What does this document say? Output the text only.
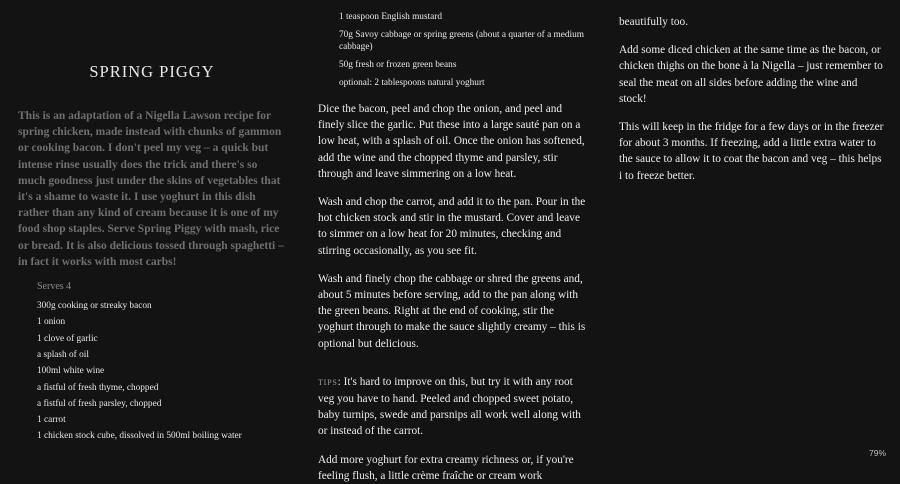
SPRING PIGGY
This is an adaptation of a Nigella Lawson recipe for spring chicken, made instead with chunks of gammon or cooking bacon. I don't peel my veg – a quick but intense rinse usually does the trick and there's so much goodness just under the skins of vegetables that it's a shame to waste it. I use yoghurt in this dish rather than any kind of cream because it is one of my food shop staples. Serve Spring Piggy with mash, rice or bread. It is also delicious tossed through spaghetti – in fact it works with most carbs!
Serves 4
300g cooking or streaky bacon
1 onion
1 clove of garlic
a splash of oil
100ml white wine
a fistful of fresh thyme, chopped
a fistful of fresh parsley, chopped
1 carrot
1 chicken stock cube, dissolved in 500ml boiling water
1 teaspoon English mustard
70g Savoy cabbage or spring greens (about a quarter of a medium cabbage)
50g fresh or frozen green beans
optional: 2 tablespoons natural yoghurt

Dice the bacon, peel and chop the onion, and peel and finely slice the garlic. Put these into a large sauté pan on a low heat, with a splash of oil. Once the onion has softened, add the wine and the chopped thyme and parsley, stir through and leave simmering on a low heat.

Wash and chop the carrot, and add it to the pan. Pour in the hot chicken stock and stir in the mustard. Cover and leave to simmer on a low heat for 20 minutes, checking and stirring occasionally, as you see fit.

Wash and finely chop the cabbage or shred the greens and, about 5 minutes before serving, add to the pan along with the green beans. Right at the end of cooking, stir the yoghurt through to make the sauce slightly creamy – this is optional but delicious.

TIPS: It's hard to improve on this, but try it with any root veg you have to hand. Peeled and chopped sweet potato, baby turnips, swede and parsnips all work well along with or instead of the carrot.

Add more yoghurt for extra creamy richness or, if you're feeling flush, a little crème fraîche or cream work

beautifully too.

Add some diced chicken at the same time as the bacon, or chicken thighs on the bone à la Nigella – just remember to seal the meat on all sides before adding the wine and stock!

This will keep in the fridge for a few days or in the freezer for about 3 months. If freezing, add a little extra water to the sauce to allow it to coat the bacon and veg – this helps i to freeze better.

79%
